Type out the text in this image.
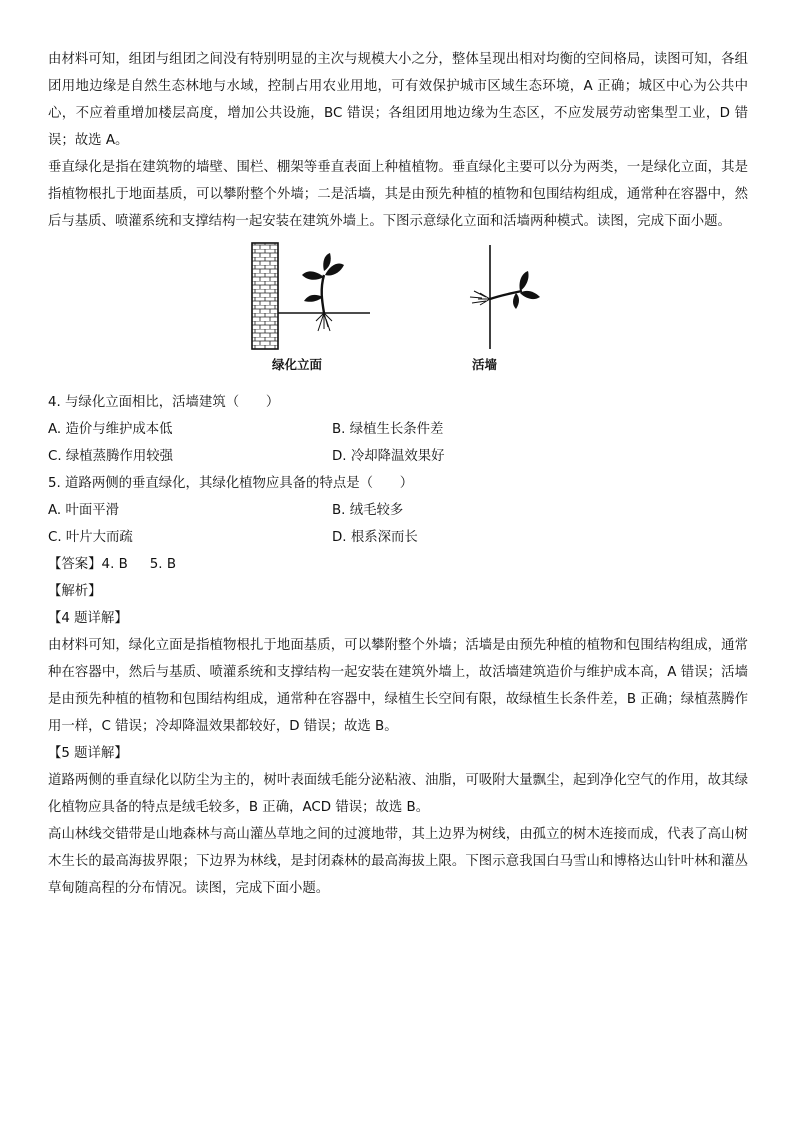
由材料可知，组团与组团之间没有特别明显的主次与规模大小之分，整体呈现出相对均衡的空间格局，读图可知，各组团用地边缘是自然生态林地与水域，控制占用农业用地，可有效保护城市区域生态环境，A 正确；城区中心为公共中心，不应着重增加楼层高度，增加公共设施，BC 错误；各组团用地边缘为生态区，不应发展劳动密集型工业，D 错误；故选 A。

垂直绿化是指在建筑物的墙壁、围栏、棚架等垂直表面上种植植物。垂直绿化主要可以分为两类，一是绿化立面，其是指植物根扎于地面基质，可以攀附整个外墙；二是活墙，其是由预先种植的植物和包围结构组成，通常种在容器中，然后与基质、喷灌系统和支撑结构一起安装在建筑外墙上。下图示意绿化立面和活墙两种模式。读图，完成下面小题。

绿化立面	活墙

4. 与绿化立面相比，活墙建筑（　　）

A. 造价与维护成本低	B. 绿植生长条件差

C. 绿植蒸腾作用较强	D. 冷却降温效果好

5. 道路两侧的垂直绿化，其绿化植物应具备的特点是（　　）

A. 叶面平滑	B. 绒毛较多

C. 叶片大而疏	D. 根系深而长

【答案】4. B 5. B

【解析】

【4 题详解】

由材料可知，绿化立面是指植物根扎于地面基质，可以攀附整个外墙；活墙是由预先种植的植物和包围结构组成，通常种在容器中，然后与基质、喷灌系统和支撑结构一起安装在建筑外墙上，故活墙建筑造价与维护成本高，A 错误；活墙是由预先种植的植物和包围结构组成，通常种在容器中，绿植生长空间有限，故绿植生长条件差，B 正确；绿植蒸腾作用一样，C 错误；冷却降温效果都较好，D 错误；故选 B。

【5 题详解】

道路两侧的垂直绿化以防尘为主的，树叶表面绒毛能分泌粘液、油脂，可吸附大量飘尘，起到净化空气的作用，故其绿化植物应具备的特点是绒毛较多，B 正确，ACD 错误；故选 B。

高山林线交错带是山地森林与高山灌丛草地之间的过渡地带，其上边界为树线，由孤立的树木连接而成，代表了高山树木生长的最高海拔界限；下边界为林线，是封闭森林的最高海拔上限。下图示意我国白马雪山和博格达山针叶林和灌丛草甸随高程的分布情况。读图，完成下面小题。
